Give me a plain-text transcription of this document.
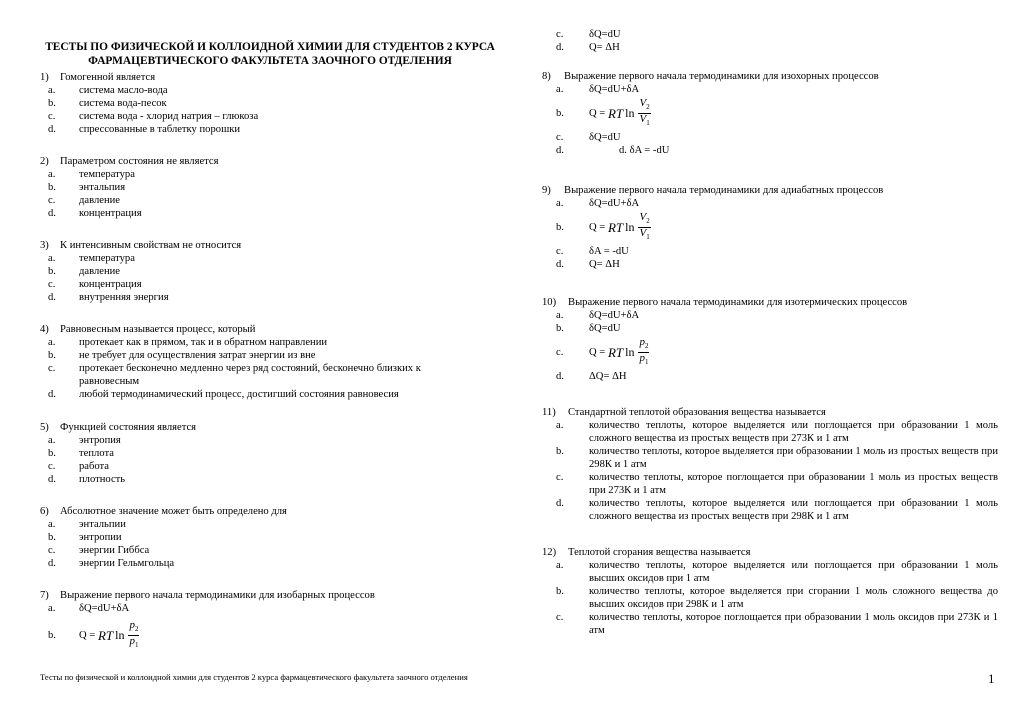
ТЕСТЫ ПО ФИЗИЧЕСКОЙ И КОЛЛОИДНОЙ ХИМИИ ДЛЯ СТУДЕНТОВ 2 КУРСА ФАРМАЦЕВТИЧЕСКОГО ФАКУЛЬТЕТА ЗАОЧНОГО ОТДЕЛЕНИЯ
1) Гомогенной является
a.	система масло-вода
b.	система вода-песок
c.	система вода - хлорид натрия – глюкоза
d.	спрессованные в таблетку порошки
2) Параметром состояния не является
a.	температура
b.	энтальпия
c.	давление
d.	концентрация
3) К интенсивным свойствам не относится
a.	температура
b.	давление
c.	концентрация
d.	внутренняя энергия
4) Равновесным называется процесс, который
a.	протекает как в прямом, так и в обратном направлении
b.	не требует для осуществления затрат энергии из вне
c.	протекает бесконечно медленно через ряд состояний, бесконечно близких к равновесным
d.	любой термодинамический процесс, достигший состояния равновесия
5) Функцией состояния является
a.	энтропия
b.	теплота
c.	работа
d.	плотность
6) Абсолютное значение может быть определено для
a.	энтальпии
b.	энтропии
c.	энергии Гиббса
d.	энергии Гельмгольца
7) Выражение первого начала термодинамики для изобарных процессов
a.	δQ=dU+δA
b.	Q =
RT $\ln \frac{p_2}{p_1}$
c.	δQ=dU
d.	Q= ΔH
8) Выражение первого начала термодинамики для изохорных процессов
a.	δQ=dU+δA
b.	Q =
RT $\ln \frac{V_2}{V_1}$
c.	δQ=dU
d.	d. δA = -dU
9) Выражение первого начала термодинамики для адиабатных процессов
a.	δQ=dU+δA
b.	Q =
RT $\ln \frac{V_2}{V_1}$
c.	δA = -dU
d.	Q= ΔH
10) Выражение первого начала термодинамики для изотермических процессов
a.	δQ=dU+δA
b.	δQ=dU
c.	Q =
RT $\ln \frac{p_2}{p_1}$
d.	ΔQ= ΔH
11) Стандартной теплотой образования вещества называется
a.	количество теплоты, которое выделяется или поглощается при образовании 1 моль сложного вещества из простых веществ при 273К и 1 атм
b.	количество теплоты, которое выделяется при образовании 1 моль из простых веществ при 298К и 1 атм
c.	количество теплоты, которое поглощается при образовании 1 моль из простых веществ при 273К и 1 атм
d.	количество теплоты, которое выделяется или поглощается при образовании 1 моль сложного вещества из простых веществ при 298К и 1 атм
12) Теплотой сгорания вещества называется
a.	количество теплоты, которое выделяется или поглощается при образовании 1 моль высших оксидов при 1 атм
b.	количество теплоты, которое выделяется при сгорании 1 моль сложного вещества до высших оксидов при 298К и 1 атм
c.	количество теплоты, которое поглощается при образовании 1 моль оксидов при 273К и 1 атм
Тесты по физической и коллоидной химии для студентов 2 курса фармацевтического факультета заочного отделения	1
